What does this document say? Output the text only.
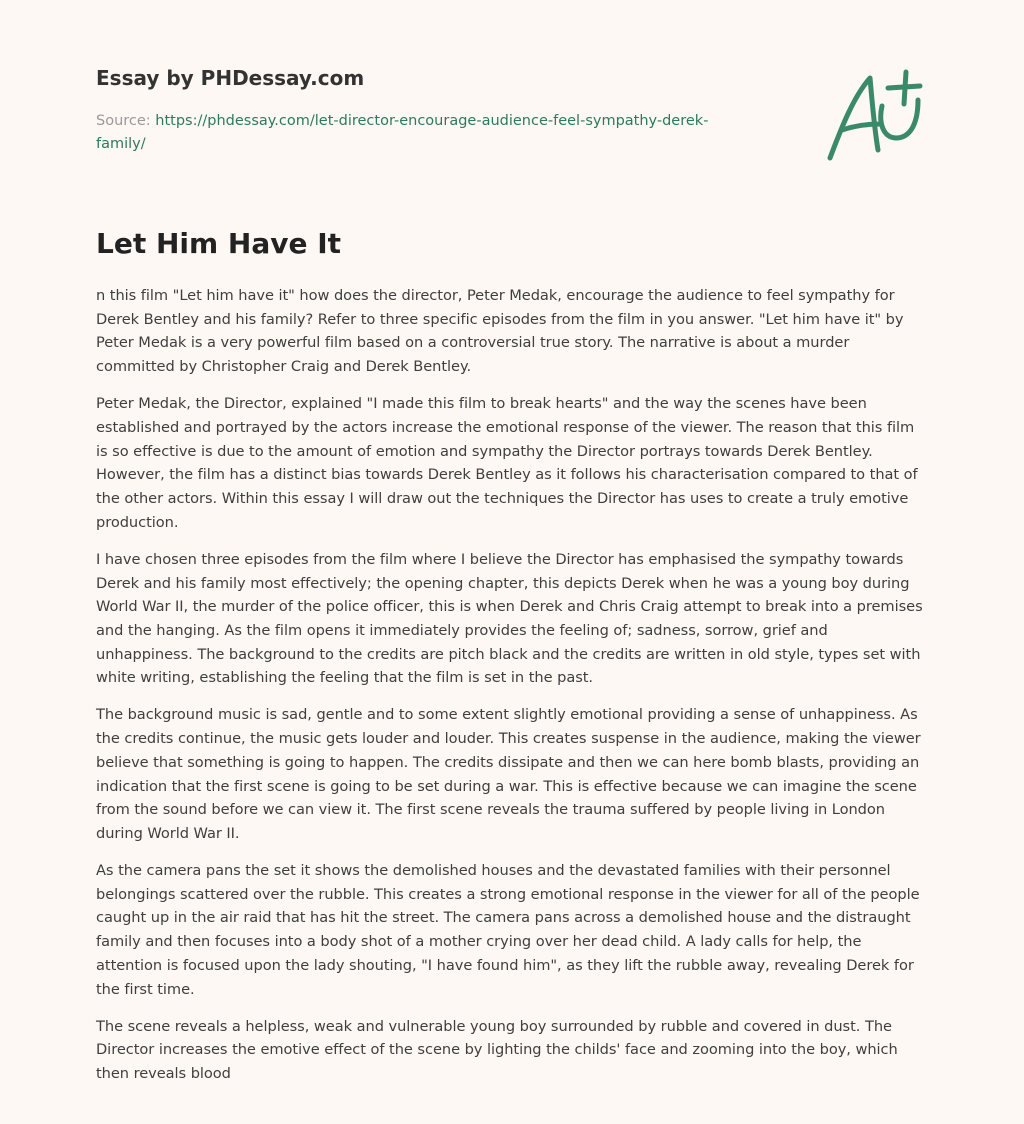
Essay by PHDessay.com
Source: https://phdessay.com/let-director-encourage-audience-feel-sympathy-derek-family/
Let Him Have It

n this film "Let him have it" how does the director, Peter Medak, encourage the audience to feel sympathy for Derek Bentley and his family? Refer to three specific episodes from the film in you answer. "Let him have it" by Peter Medak is a very powerful film based on a controversial true story. The narrative is about a murder committed by Christopher Craig and Derek Bentley.

Peter Medak, the Director, explained "I made this film to break hearts" and the way the scenes have been established and portrayed by the actors increase the emotional response of the viewer. The reason that this film is so effective is due to the amount of emotion and sympathy the Director portrays towards Derek Bentley. However, the film has a distinct bias towards Derek Bentley as it follows his characterisation compared to that of the other actors. Within this essay I will draw out the techniques the Director has uses to create a truly emotive production.

I have chosen three episodes from the film where I believe the Director has emphasised the sympathy towards Derek and his family most effectively; the opening chapter, this depicts Derek when he was a young boy during World War II, the murder of the police officer, this is when Derek and Chris Craig attempt to break into a premises and the hanging. As the film opens it immediately provides the feeling of; sadness, sorrow, grief and unhappiness. The background to the credits are pitch black and the credits are written in old style, types set with white writing, establishing the feeling that the film is set in the past.

The background music is sad, gentle and to some extent slightly emotional providing a sense of unhappiness. As the credits continue, the music gets louder and louder. This creates suspense in the audience, making the viewer believe that something is going to happen. The credits dissipate and then we can here bomb blasts, providing an indication that the first scene is going to be set during a war. This is effective because we can imagine the scene from the sound before we can view it. The first scene reveals the trauma suffered by people living in London during World War II.

As the camera pans the set it shows the demolished houses and the devastated families with their personnel belongings scattered over the rubble. This creates a strong emotional response in the viewer for all of the people caught up in the air raid that has hit the street. The camera pans across a demolished house and the distraught family and then focuses into a body shot of a mother crying over her dead child. A lady calls for help, the attention is focused upon the lady shouting, "I have found him", as they lift the rubble away, revealing Derek for the first time.

The scene reveals a helpless, weak and vulnerable young boy surrounded by rubble and covered in dust. The Director increases the emotive effect of the scene by lighting the childs' face and zooming into the boy, which then reveals blood
